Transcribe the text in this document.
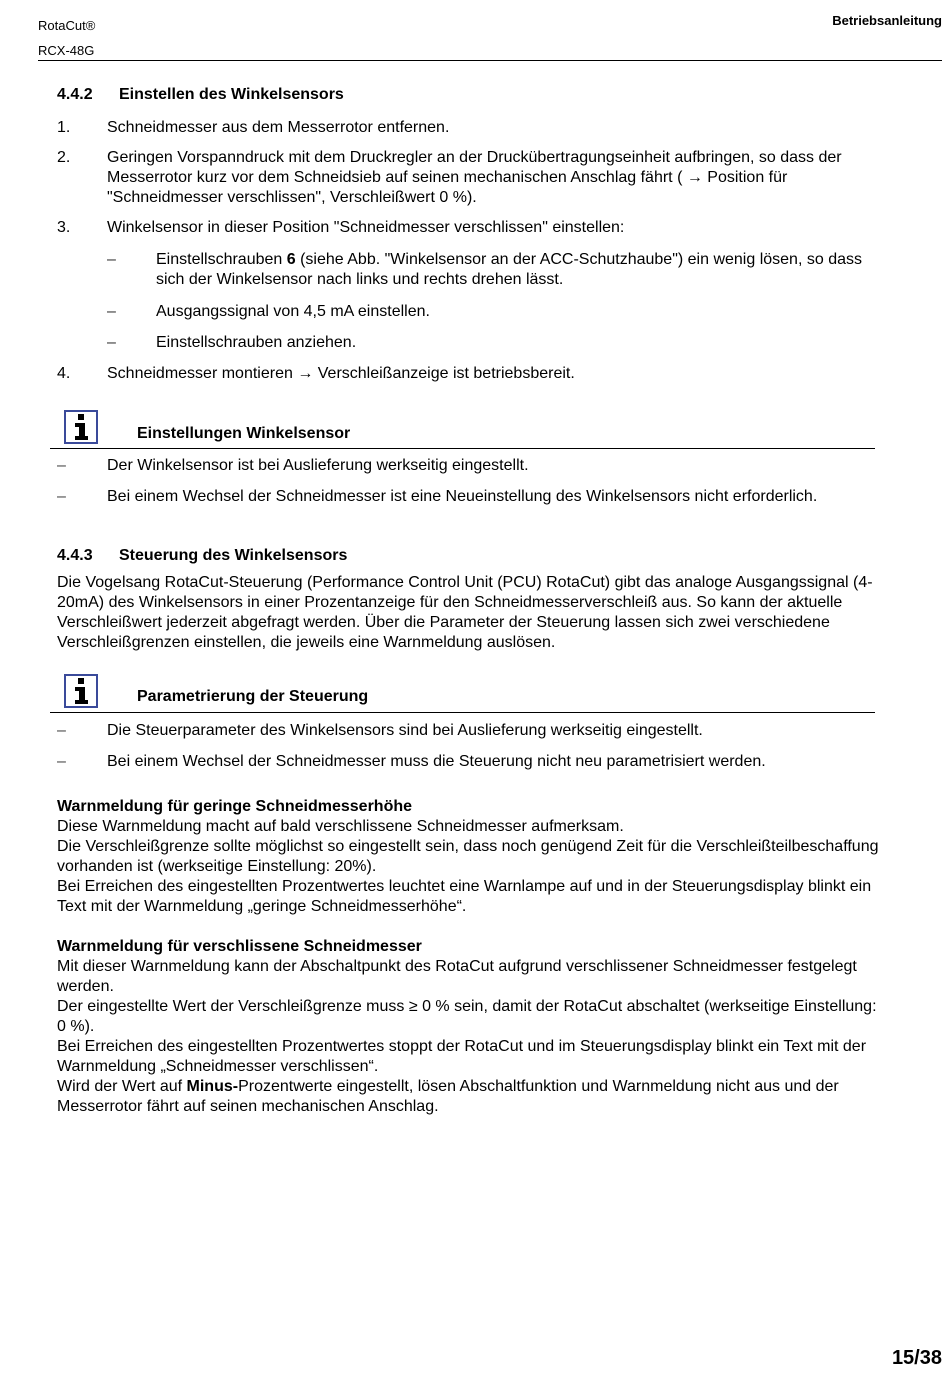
RotaCut®
RCX-48G
Betriebsanleitung
4.4.2 Einstellen des Winkelsensors
1. Schneidmesser aus dem Messerrotor entfernen.
2. Geringen Vorspanndruck mit dem Druckregler an der Druckübertragungseinheit aufbringen, so dass der Messerrotor kurz vor dem Schneidsieb auf seinen mechanischen Anschlag fährt ( → Position für "Schneidmesser verschlissen", Verschleißwert 0 %).
3. Winkelsensor in dieser Position "Schneidmesser verschlissen" einstellen:
–	Einstellschrauben 6 (siehe Abb. "Winkelsensor an der ACC-Schutzhaube") ein wenig lösen, so dass sich der Winkelsensor nach links und rechts drehen lässt.
–	Ausgangssignal von 4,5 mA einstellen.
–	Einstellschrauben anziehen.
4. Schneidmesser montieren → Verschleißanzeige ist betriebsbereit.
Einstellungen Winkelsensor
–	Der Winkelsensor ist bei Auslieferung werkseitig eingestellt.
–	Bei einem Wechsel der Schneidmesser ist eine Neueinstellung des Winkelsensors nicht erforderlich.
4.4.3 Steuerung des Winkelsensors
Die Vogelsang RotaCut-Steuerung (Performance Control Unit (PCU) RotaCut) gibt das analoge Ausgangssignal (4-20mA) des Winkelsensors in einer Prozentanzeige für den Schneidmesserverschleiß aus. So kann der aktuelle Verschleißwert jederzeit abgefragt werden. Über die Parameter der Steuerung lassen sich zwei verschiedene Verschleißgrenzen einstellen, die jeweils eine Warnmeldung auslösen.
Parametrierung der Steuerung
–	Die Steuerparameter des Winkelsensors sind bei Auslieferung werkseitig eingestellt.
–	Bei einem Wechsel der Schneidmesser muss die Steuerung nicht neu parametrisiert werden.
Warnmeldung für geringe Schneidmesserhöhe
Diese Warnmeldung macht auf bald verschlissene Schneidmesser aufmerksam.
Die Verschleißgrenze sollte möglichst so eingestellt sein, dass noch genügend Zeit für die Verschleißteilbeschaffung vorhanden ist (werkseitige Einstellung: 20%).
Bei Erreichen des eingestellten Prozentwertes leuchtet eine Warnlampe auf und in der Steuerungsdisplay blinkt ein Text mit der Warnmeldung „geringe Schneidmesserhöhe“.
Warnmeldung für verschlissene Schneidmesser
Mit dieser Warnmeldung kann der Abschaltpunkt des RotaCut aufgrund verschlissener Schneidmesser festgelegt werden.
Der eingestellte Wert der Verschleißgrenze muss ≥ 0 % sein, damit der RotaCut abschaltet (werkseitige Einstellung: 0 %).
Bei Erreichen des eingestellten Prozentwertes stoppt der RotaCut und im Steuerungsdisplay blinkt ein Text mit der Warnmeldung „Schneidmesser verschlissen“.
Wird der Wert auf Minus-Prozentwerte eingestellt, lösen Abschaltfunktion und Warnmeldung nicht aus und der Messerrotor fährt auf seinen mechanischen Anschlag.
15/38
